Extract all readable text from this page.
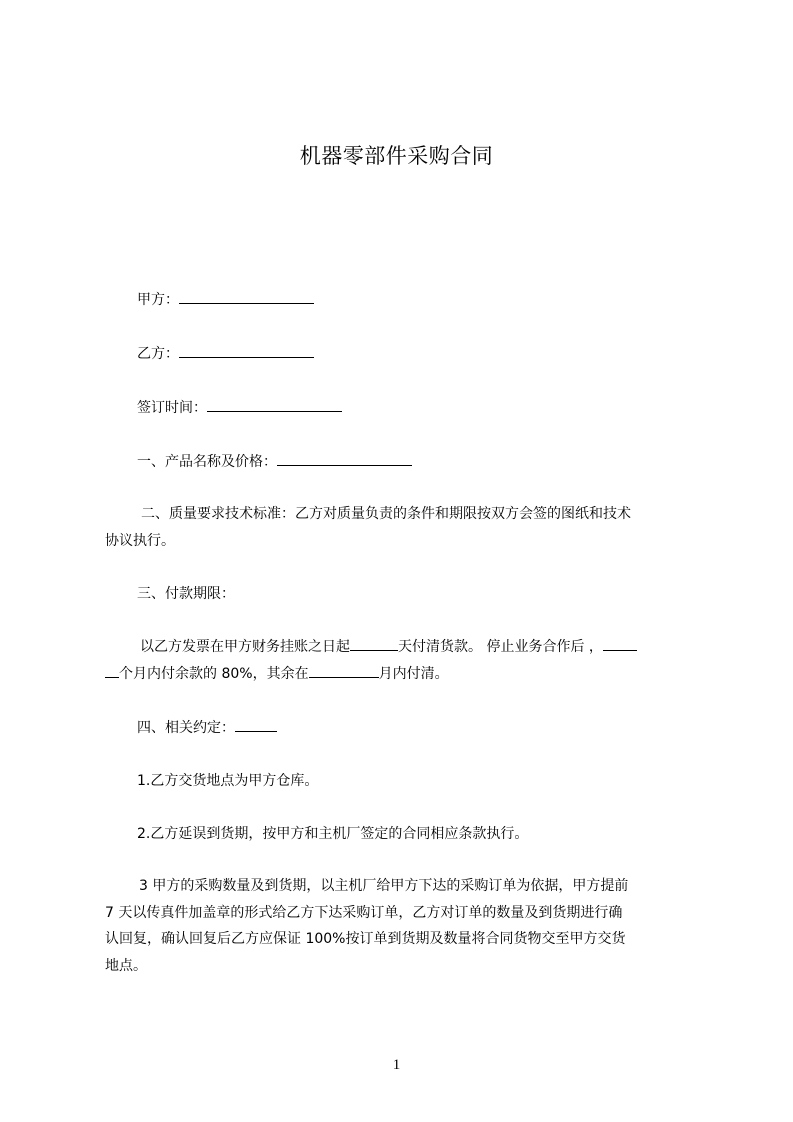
机器零部件采购合同
甲方：
乙方：
签订时间：
一、产品名称及价格：
二、质量要求技术标准：乙方对质量负责的条件和期限按双方会签的图纸和技术
协议执行。
三、付款期限：
以乙方发票在甲方财务挂账之日起	天付清货款。 停止业务合作后 ，
个月内付余款的 80%，其余在	月内付清。
四、相关约定：
1.乙方交货地点为甲方仓库。
2.乙方延误到货期，按甲方和主机厂签定的合同相应条款执行。
3 甲方的采购数量及到货期，以主机厂给甲方下达的采购订单为依据，甲方提前
7 天以传真件加盖章的形式给乙方下达采购订单，乙方对订单的数量及到货期进行确
认回复，确认回复后乙方应保证 100%按订单到货期及数量将合同货物交至甲方交货
地点。
1
